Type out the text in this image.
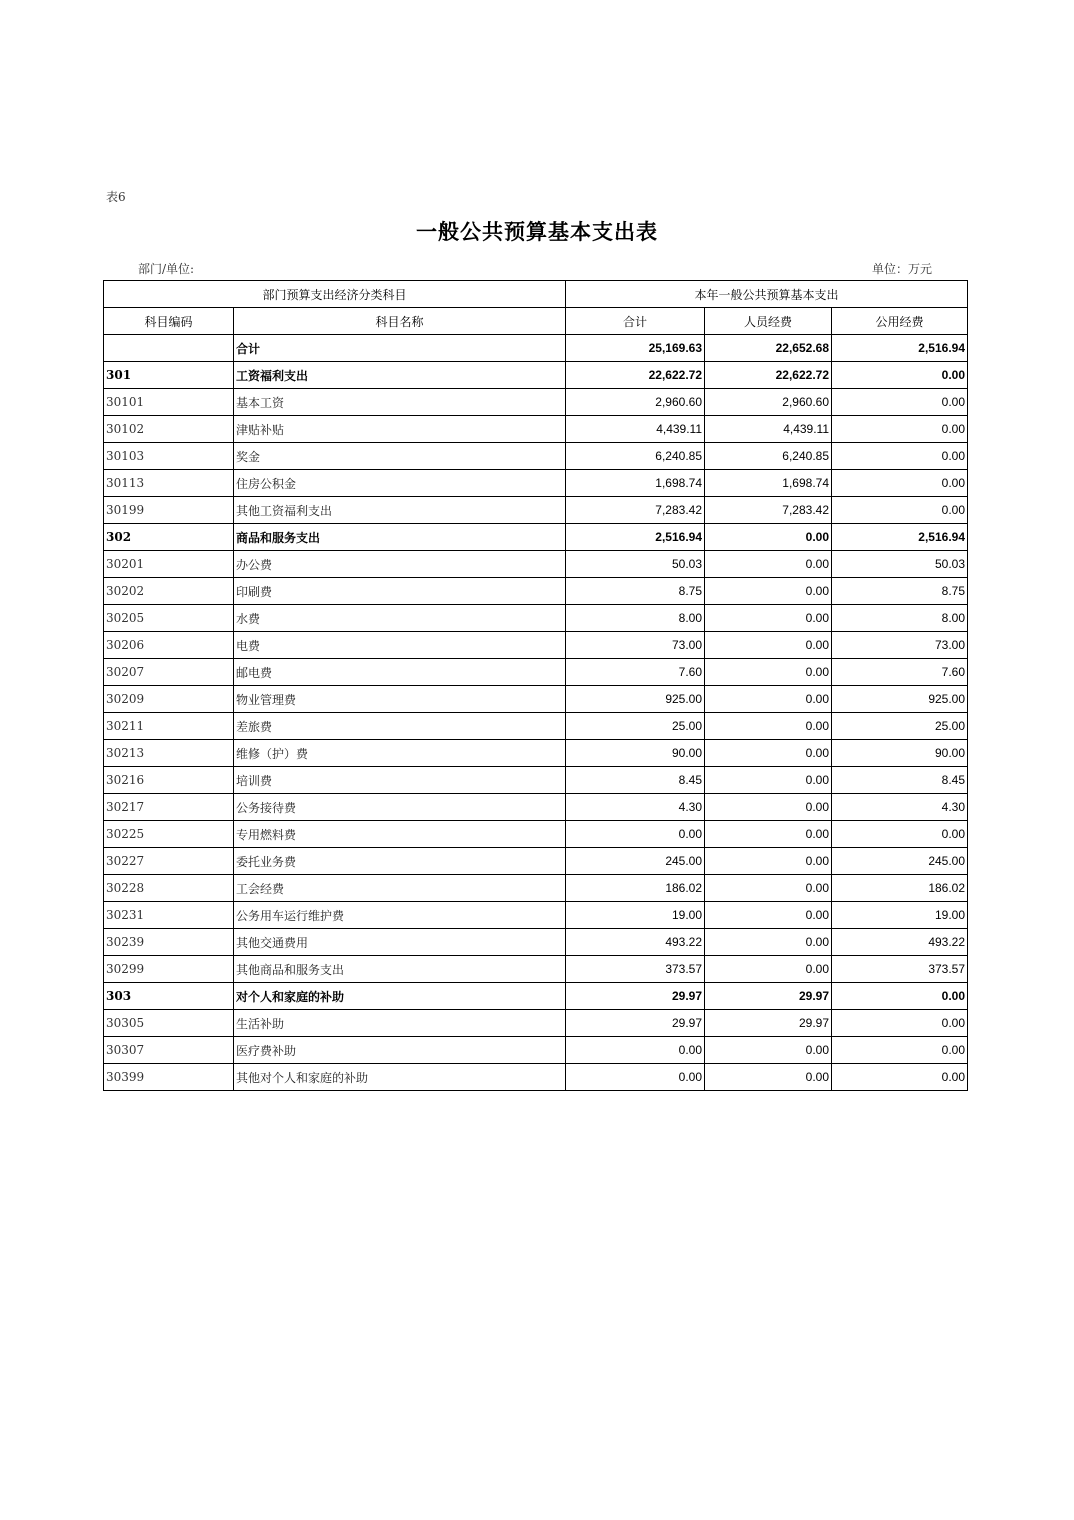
表6
一般公共预算基本支出表
部门/单位:	单位：万元
部门预算支出经济分类科目		本年一般公共预算基本支出		
科目编码	科目名称	合计	人员经费	公用经费
	合计	25,169.63	22,652.68	2,516.94
301	工资福利支出	22,622.72	22,622.72	0.00
30101	基本工资	2,960.60	2,960.60	0.00
30102	津贴补贴	4,439.11	4,439.11	0.00
30103	奖金	6,240.85	6,240.85	0.00
30113	住房公积金	1,698.74	1,698.74	0.00
30199	其他工资福利支出	7,283.42	7,283.42	0.00
302	商品和服务支出	2,516.94	0.00	2,516.94
30201	办公费	50.03	0.00	50.03
30202	印刷费	8.75	0.00	8.75
30205	水费	8.00	0.00	8.00
30206	电费	73.00	0.00	73.00
30207	邮电费	7.60	0.00	7.60
30209	物业管理费	925.00	0.00	925.00
30211	差旅费	25.00	0.00	25.00
30213	维修（护）费	90.00	0.00	90.00
30216	培训费	8.45	0.00	8.45
30217	公务接待费	4.30	0.00	4.30
30225	专用燃料费	0.00	0.00	0.00
30227	委托业务费	245.00	0.00	245.00
30228	工会经费	186.02	0.00	186.02
30231	公务用车运行维护费	19.00	0.00	19.00
30239	其他交通费用	493.22	0.00	493.22
30299	其他商品和服务支出	373.57	0.00	373.57
303	对个人和家庭的补助	29.97	29.97	0.00
30305	生活补助	29.97	29.97	0.00
30307	医疗费补助	0.00	0.00	0.00
30399	其他对个人和家庭的补助	0.00	0.00	0.00
